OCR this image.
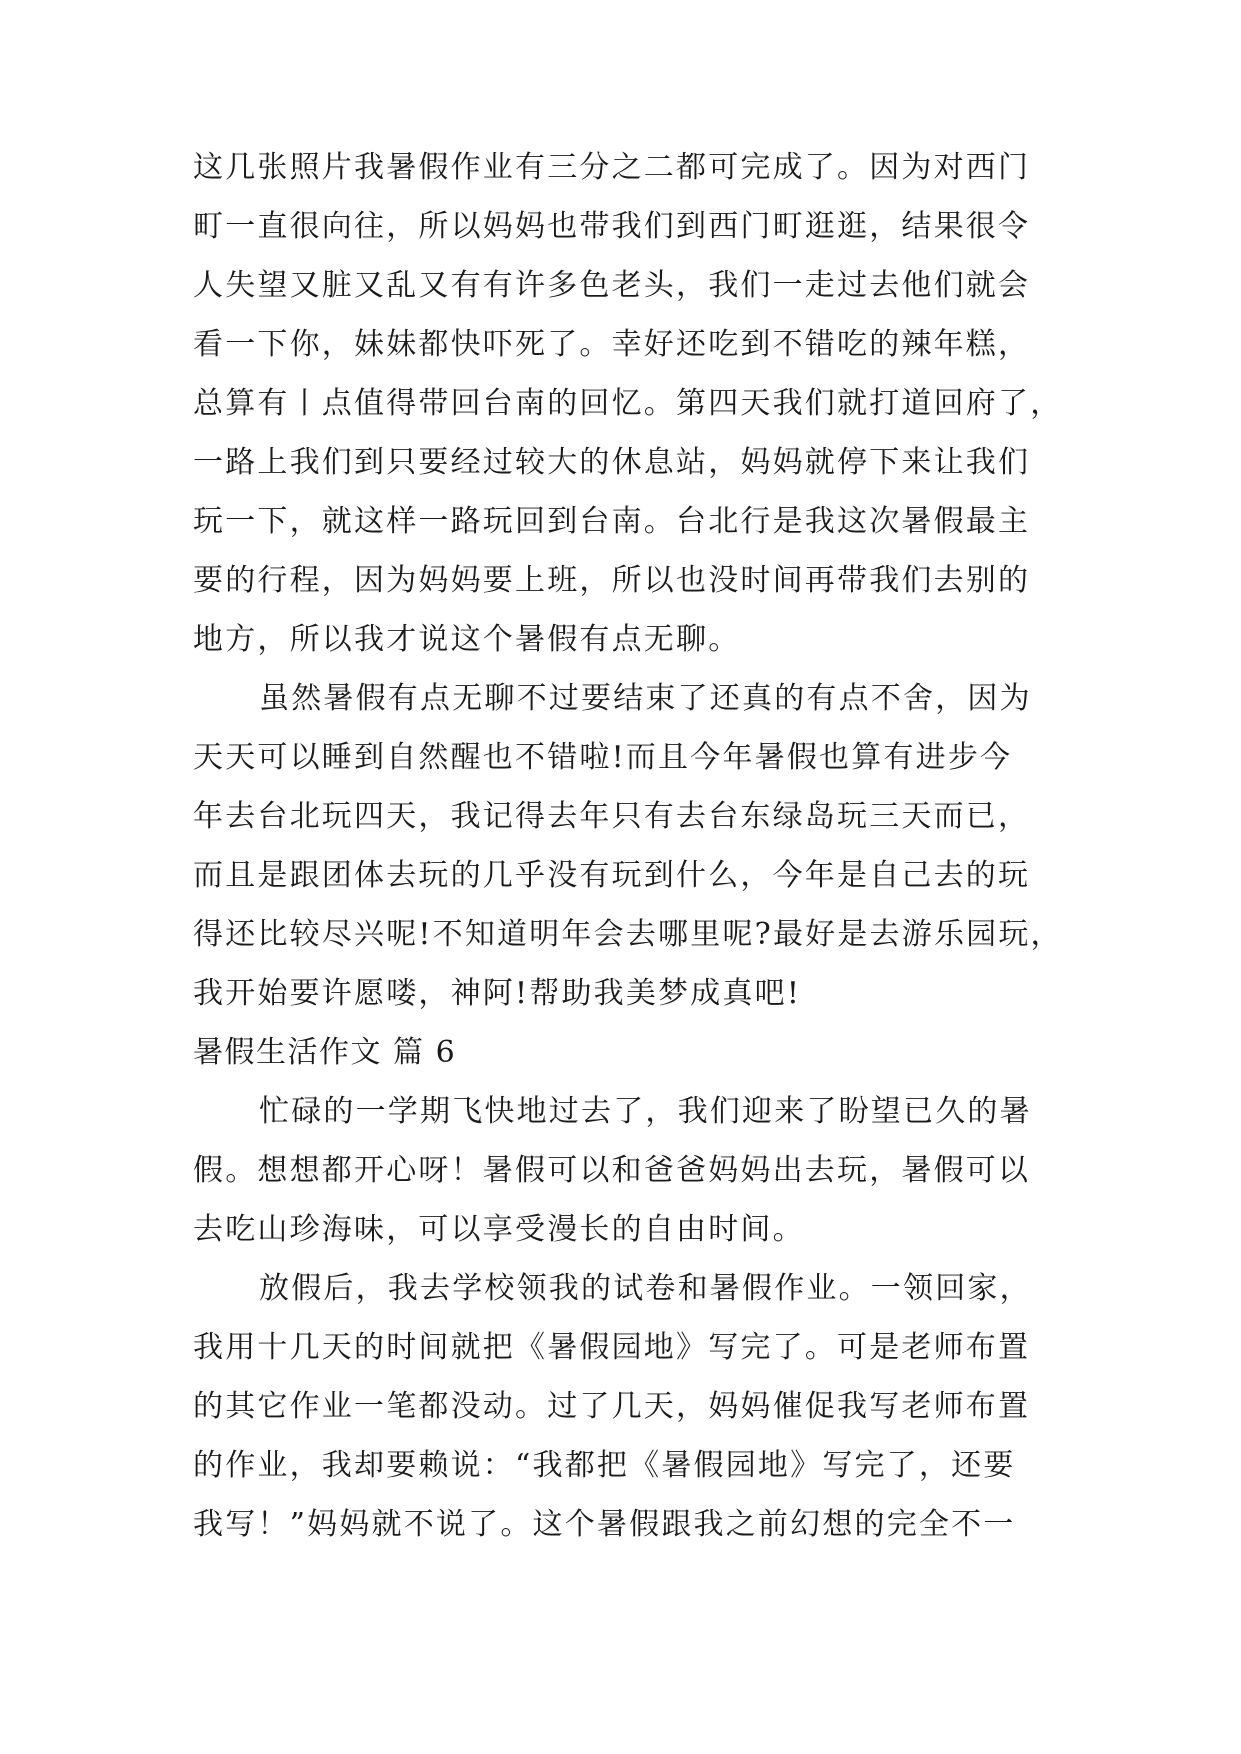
这几张照片我暑假作业有三分之二都可完成了。因为对西门
町一直很向往，所以妈妈也带我们到西门町逛逛，结果很令
人失望又脏又乱又有有许多色老头，我们一走过去他们就会
看一下你，妹妹都快吓死了。幸好还吃到不错吃的辣年糕，
总算有丨点值得带回台南的回忆。第四天我们就打道回府了，
一路上我们到只要经过较大的休息站，妈妈就停下来让我们
玩一下，就这样一路玩回到台南。台北行是我这次暑假最主
要的行程，因为妈妈要上班，所以也没时间再带我们去别的
地方，所以我才说这个暑假有点无聊。
虽然暑假有点无聊不过要结束了还真的有点不舍，因为
天天可以睡到自然醒也不错啦!而且今年暑假也算有进步今
年去台北玩四天，我记得去年只有去台东绿岛玩三天而已，
而且是跟团体去玩的几乎没有玩到什么，今年是自己去的玩
得还比较尽兴呢!不知道明年会去哪里呢?最好是去游乐园玩，
我开始要许愿喽，神阿!帮助我美梦成真吧!
暑假生活作文 篇 6
忙碌的一学期飞快地过去了，我们迎来了盼望已久的暑
假。想想都开心呀！暑假可以和爸爸妈妈出去玩，暑假可以
去吃山珍海味，可以享受漫长的自由时间。
放假后，我去学校领我的试卷和暑假作业。一领回家，
我用十几天的时间就把《暑假园地》写完了。可是老师布置
的其它作业一笔都没动。过了几天，妈妈催促我写老师布置
的作业，我却要赖说：“我都把《暑假园地》写完了，还要
我写！”妈妈就不说了。这个暑假跟我之前幻想的完全不一
